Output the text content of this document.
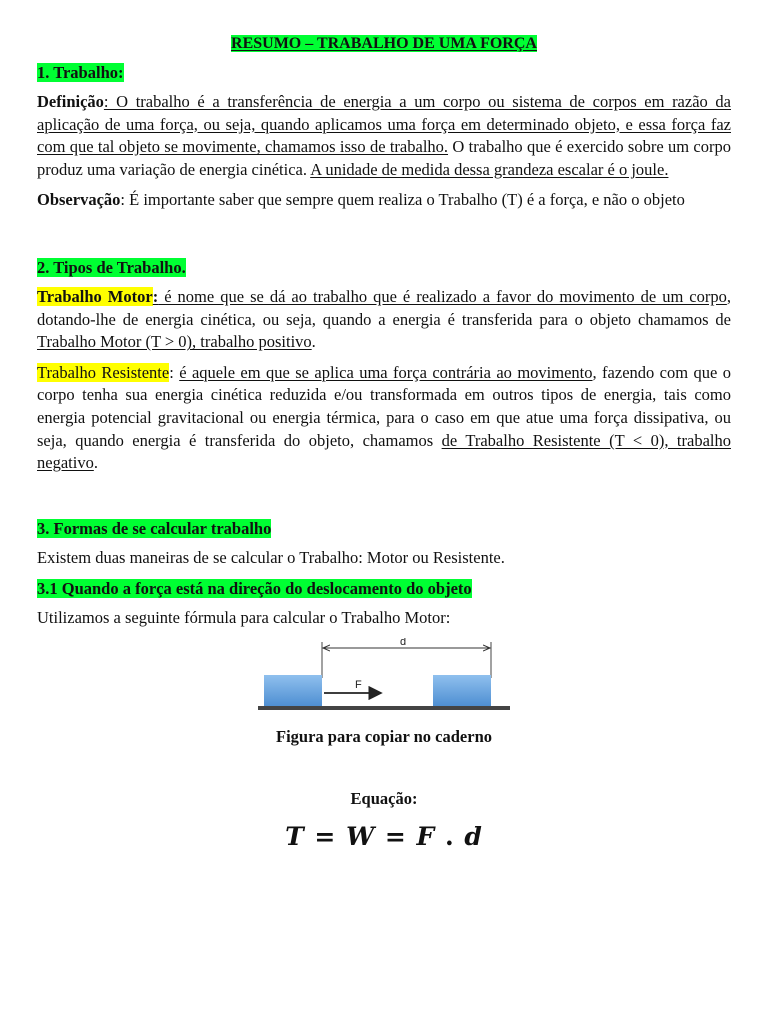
RESUMO – TRABALHO DE UMA FORÇA
1. Trabalho:

Definição: O trabalho é a transferência de energia a um corpo ou sistema de corpos em razão da aplicação de uma força, ou seja, quando aplicamos uma força em determinado objeto, e essa força faz com que tal objeto se movimente, chamamos isso de trabalho. O trabalho que é exercido sobre um corpo produz uma variação de energia cinética. A unidade de medida dessa grandeza escalar é o joule.

Observação: É importante saber que sempre quem realiza o Trabalho (T) é a força, e não o objeto

2. Tipos de Trabalho.

Trabalho Motor: é nome que se dá ao trabalho que é realizado a favor do movimento de um corpo, dotando-lhe de energia cinética, ou seja, quando a energia é transferida para o objeto chamamos de Trabalho Motor (T > 0), trabalho positivo.

Trabalho Resistente: é aquele em que se aplica uma força contrária ao movimento, fazendo com que o corpo tenha sua energia cinética reduzida e/ou transformada em outros tipos de energia, tais como energia potencial gravitacional ou energia térmica, para o caso em que atue uma força dissipativa, ou seja, quando energia é transferida do objeto, chamamos de Trabalho Resistente (T < 0), trabalho negativo.

3. Formas de se calcular trabalho

Existem duas maneiras de se calcular o Trabalho: Motor ou Resistente.

3.1 Quando a força está na direção do deslocamento do objeto

Utilizamos a seguinte fórmula para calcular o Trabalho Motor:

d
F
Figura para copiar no caderno
Equação:
T = W = F . d
